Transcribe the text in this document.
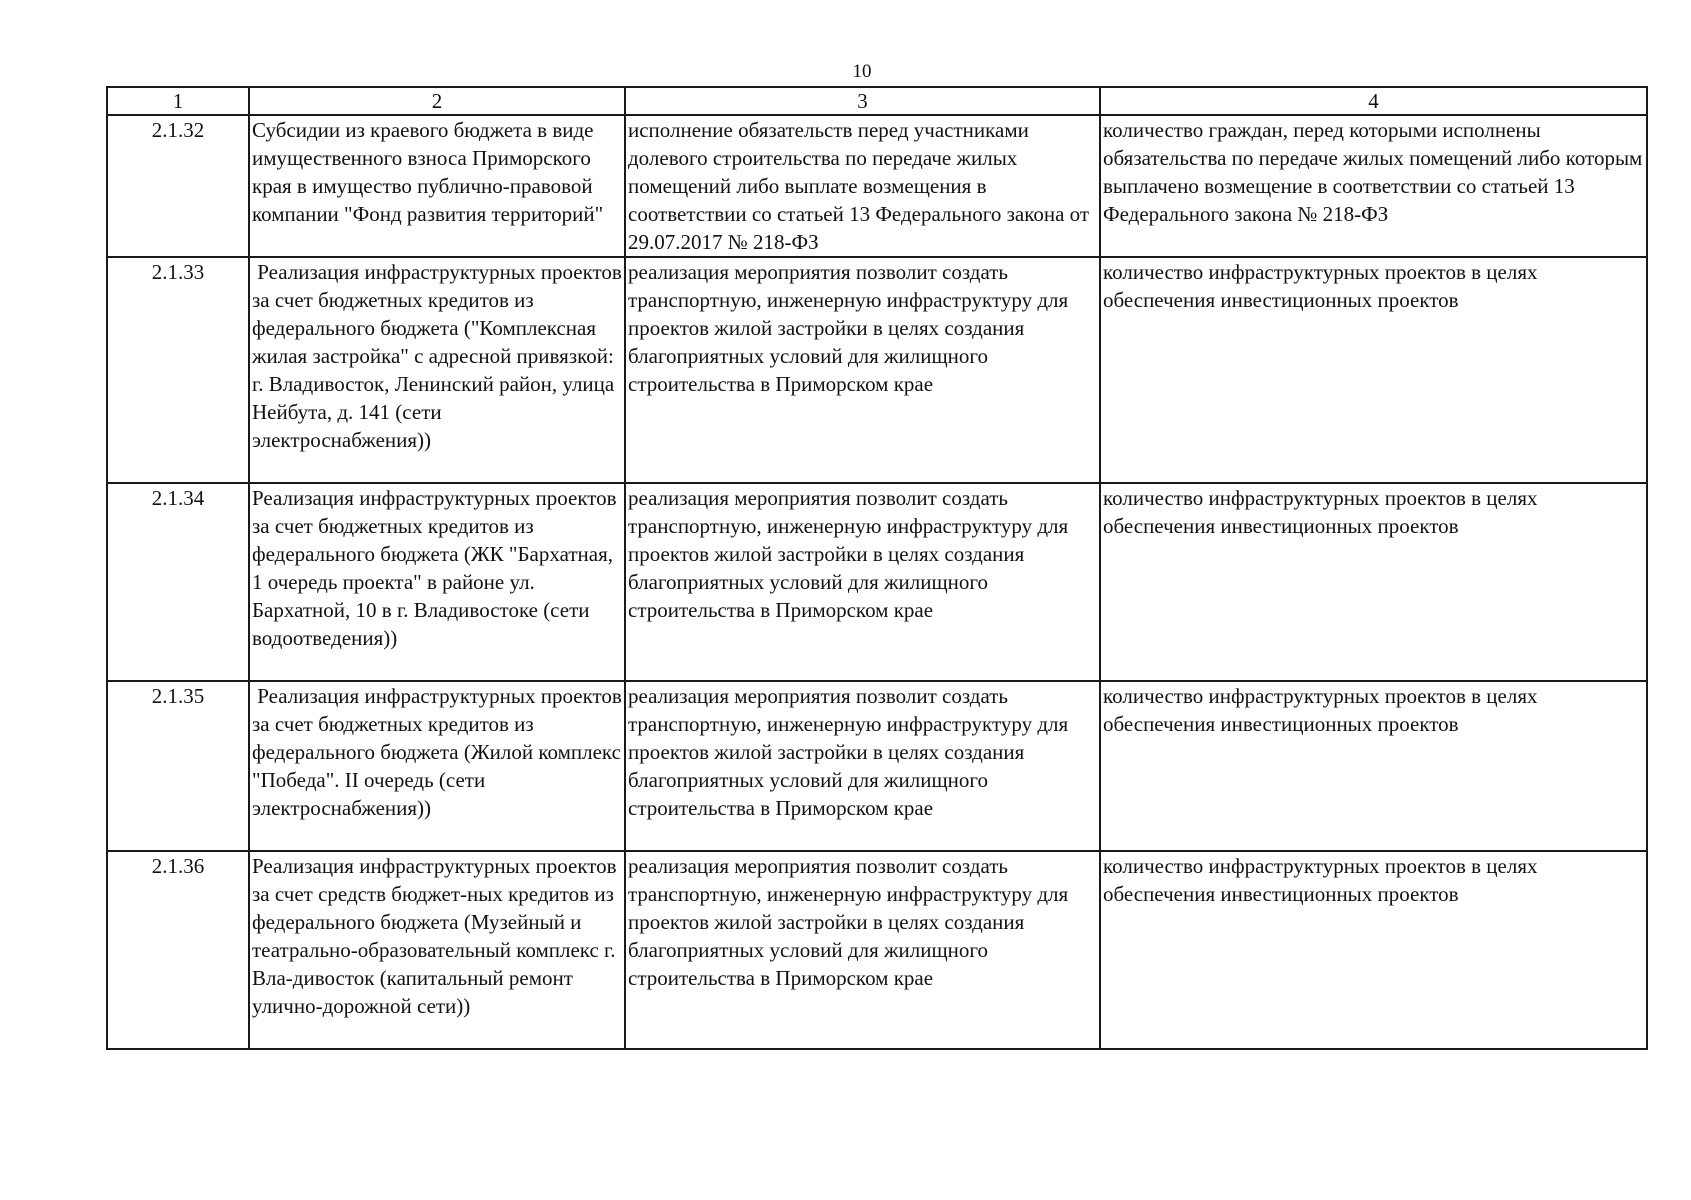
10
1	2	3	4
2.1.32	Субсидии из краевого бюджета в виде имущественного взноса Приморского края в имущество публично-правовой компании "Фонд развития территорий"	исполнение обязательств перед участниками долевого строительства по передаче жилых помещений либо выплате возмещения в соответствии со статьей 13 Федерального закона от 29.07.2017 № 218-ФЗ	количество граждан, перед которыми исполнены обязательства по передаче жилых помещений либо которым выплачено возмещение в соответствии со статьей 13 Федерального закона № 218-ФЗ
2.1.33	Реализация инфраструктурных проектов за счет бюджетных кредитов из федерального бюджета ("Комплексная жилая застройка" с адресной привязкой: г. Владивосток, Ленинский район, улица Нейбута, д. 141 (сети электроснабжения))	реализация мероприятия позволит создать транспортную, инженерную инфраструктуру для проектов жилой застройки в целях создания благоприятных условий для жилищного строительства в Приморском крае	количество инфраструктурных проектов в целях обеспечения инвестиционных проектов
2.1.34	Реализация инфраструктурных проектов за счет бюджетных кредитов из федерального бюджета (ЖК "Бархатная, 1 очередь проекта" в районе ул. Бархатной, 10 в г. Владивостоке (сети водоотведения))	реализация мероприятия позволит создать транспортную, инженерную инфраструктуру для проектов жилой застройки в целях создания благоприятных условий для жилищного строительства в Приморском крае	количество инфраструктурных проектов в целях обеспечения инвестиционных проектов
2.1.35	Реализация инфраструктурных проектов за счет бюджетных кредитов из федерального бюджета (Жилой комплекс "Победа". II очередь (сети электроснабжения))	реализация мероприятия позволит создать транспортную, инженерную инфраструктуру для проектов жилой застройки в целях создания благоприятных условий для жилищного строительства в Приморском крае	количество инфраструктурных проектов в целях обеспечения инвестиционных проектов
2.1.36	Реализация инфраструктурных проектов за счет средств бюджет-ных кредитов из федерального бюджета (Музейный и театрально-образовательный комплекс г. Вла-дивосток (капитальный ремонт улично-дорожной сети))	реализация мероприятия позволит создать транспортную, инженерную инфраструктуру для проектов жилой застройки в целях создания благоприятных условий для жилищного строительства в Приморском крае	количество инфраструктурных проектов в целях обеспечения инвестиционных проектов
